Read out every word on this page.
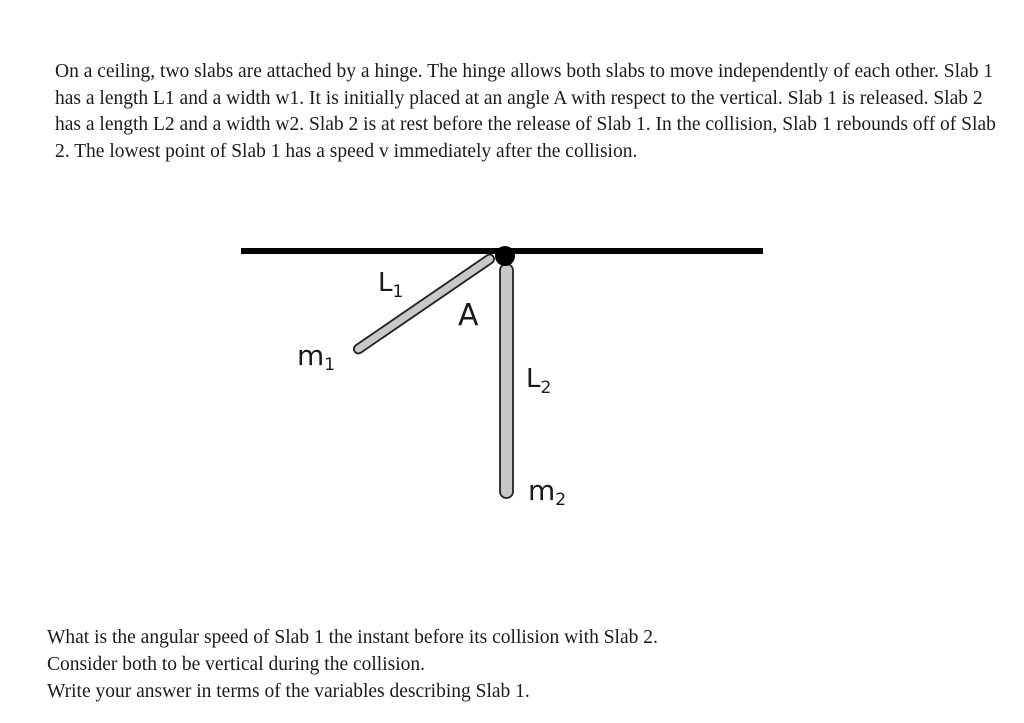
On a ceiling, two slabs are attached by a hinge. The hinge allows both slabs to move independently of each other. Slab 1 has a length L1 and a width w1. It is initially placed at an angle A with respect to the vertical. Slab 1 is released. Slab 2 has a length L2 and a width w2. Slab 2 is at rest before the release of Slab 1. In the collision, Slab 1 rebounds off of Slab 2. The lowest point of Slab 1 has a speed v immediately after the collision.

$L_1$
A
m1	$L_2$
m2

What is the angular speed of Slab 1 the instant before its collision with Slab 2.

Consider both to be vertical during the collision.

Write your answer in terms of the variables describing Slab 1.
